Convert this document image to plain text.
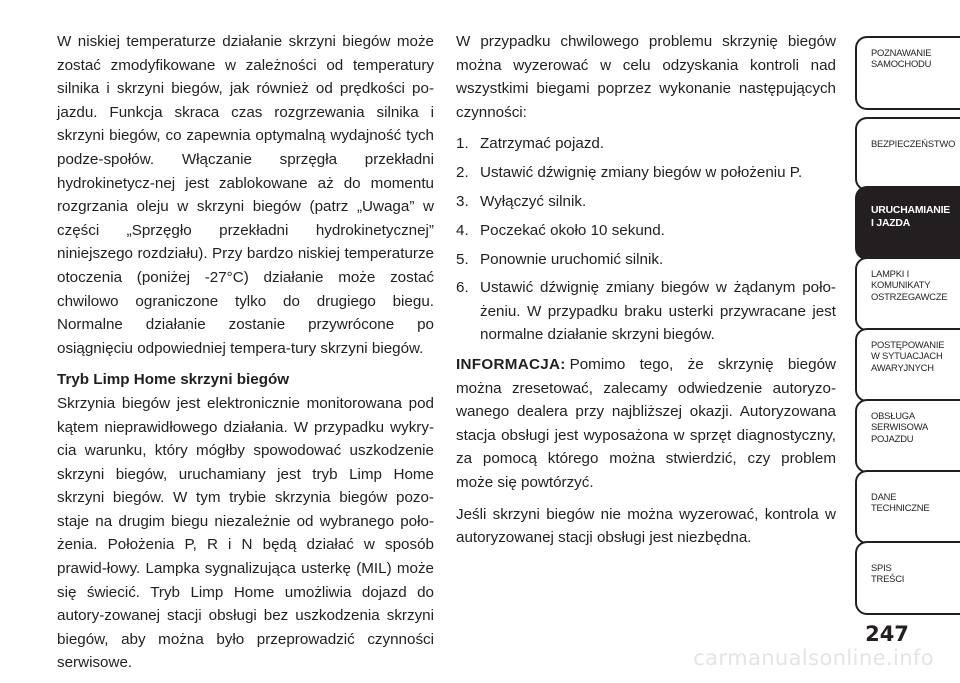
W niskiej temperaturze działanie skrzyni biegów może zostać zmodyfikowane w zależności od temperatury silnika i skrzyni biegów, jak również od prędkości po-jazdu. Funkcja skraca czas rozgrzewania silnika i skrzyni biegów, co zapewnia optymalną wydajność tych podze-społów. Włączanie sprzęgła przekładni hydrokinetycz-nej jest zablokowane aż do momentu rozgrzania oleju w skrzyni biegów (patrz „Uwaga” w części „Sprzęgło przekładni hydrokinetycznej” niniejszego rozdziału). Przy bardzo niskiej temperaturze otoczenia (poniżej -27°C) działanie może zostać chwilowo ograniczone tylko do drugiego biegu. Normalne działanie zostanie przywrócone po osiągnięciu odpowiedniej tempera-tury skrzyni biegów.

Tryb Limp Home skrzyni biegów

Skrzynia biegów jest elektronicznie monitorowana pod kątem nieprawidłowego działania. W przypadku wykry-cia warunku, który mógłby spowodować uszkodzenie skrzyni biegów, uruchamiany jest tryb Limp Home skrzyni biegów. W tym trybie skrzynia biegów pozo-staje na drugim biegu niezależnie od wybranego poło-żenia. Położenia P, R i N będą działać w sposób prawid-łowy. Lampka sygnalizująca usterkę (MIL) może się świecić. Tryb Limp Home umożliwia dojazd do autory-zowanej stacji obsługi bez uszkodzenia skrzyni biegów, aby można było przeprowadzić czynności serwisowe.

W przypadku chwilowego problemu skrzynię biegów można wyzerować w celu odzyskania kontroli nad wszystkimi biegami poprzez wykonanie następujących czynności:

1. Zatrzymać pojazd.
2. Ustawić dźwignię zmiany biegów w położeniu P.
3. Wyłączyć silnik.
4. Poczekać około 10 sekund.
5. Ponownie uruchomić silnik.
6. Ustawić dźwignię zmiany biegów w żądanym poło-żeniu. W przypadku braku usterki przywracane jest normalne działanie skrzyni biegów.

INFORMACJA: Pomimo tego, że skrzynię biegów można zresetować, zalecamy odwiedzenie autoryzo-wanego dealera przy najbliższej okazji. Autoryzowana stacja obsługi jest wyposażona w sprzęt diagnostyczny, za pomocą którego można stwierdzić, czy problem może się powtórzyć.

Jeśli skrzyni biegów nie można wyzerować, kontrola w autoryzowanej stacji obsługi jest niezbędna.

POZNAWANIE
SAMOCHODU
BEZPIECZEŃSTWO
URUCHAMIANIE
I JAZDA
LAMPKI I
KOMUNIKATY
OSTRZEGAWCZE
POSTĘPOWANIE
W SYTUACJACH
AWARYJNYCH
OBSŁUGA
SERWISOWA
POJAZDU
DANE
TECHNICZNE
SPIS
TREŚCI
247
carmanualsonline.info
